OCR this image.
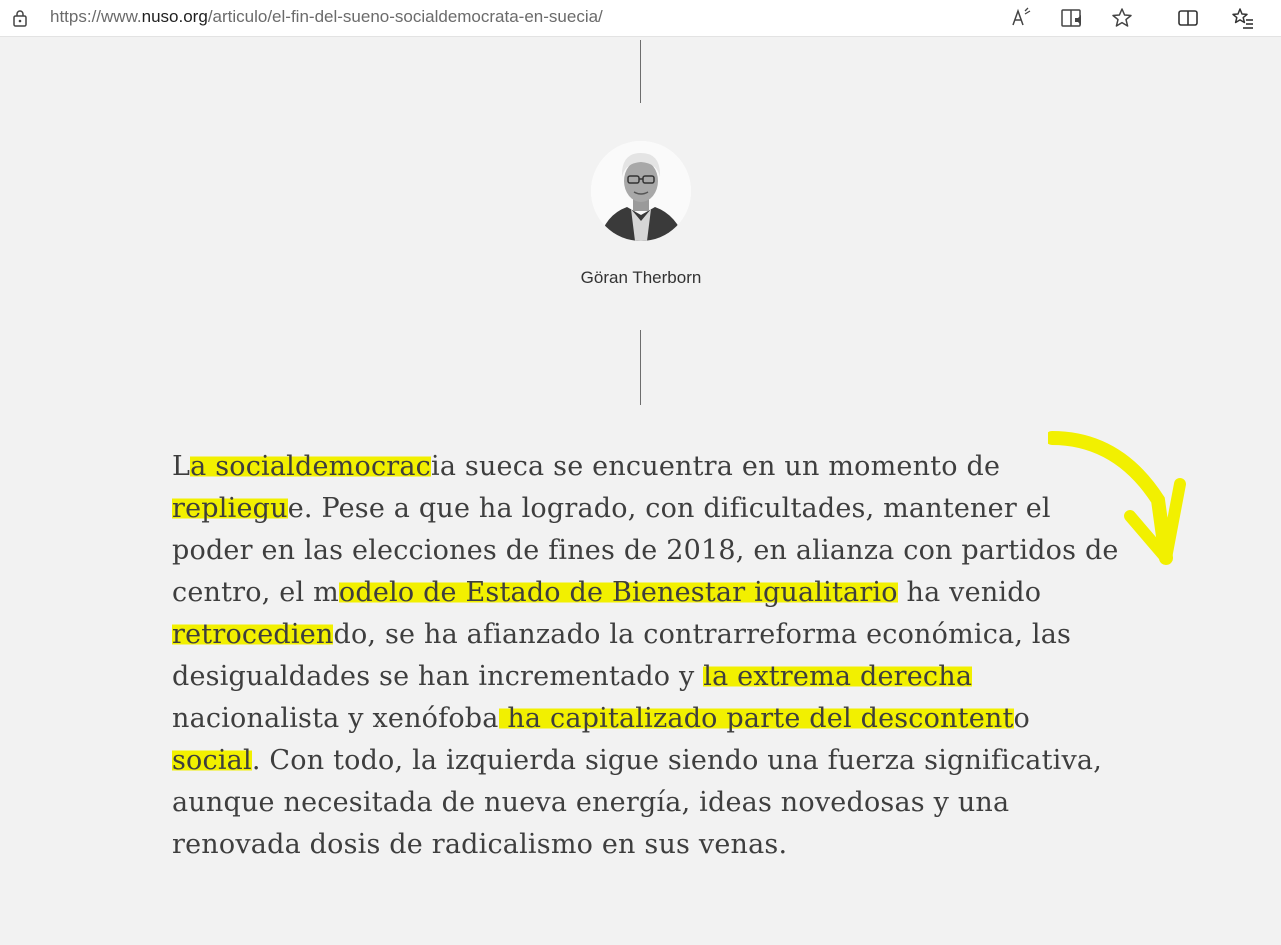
https://www.nuso.org/articulo/el-fin-del-sueno-socialdemocrata-en-suecia/
Göran Therborn
La socialdemocracia sueca se encuentra en un momento de
repliegue. Pese a que ha logrado, con dificultades, mantener el
poder en las elecciones de fines de 2018, en alianza con partidos de
centro, el modelo de Estado de Bienestar igualitario ha venido
retrocediendo, se ha afianzado la contrarreforma económica, las
desigualdades se han incrementado y la extrema derecha
nacionalista y xenófoba ha capitalizado parte del descontento
social. Con todo, la izquierda sigue siendo una fuerza significativa,
aunque necesitada de nueva energía, ideas novedosas y una
renovada dosis de radicalismo en sus venas.
